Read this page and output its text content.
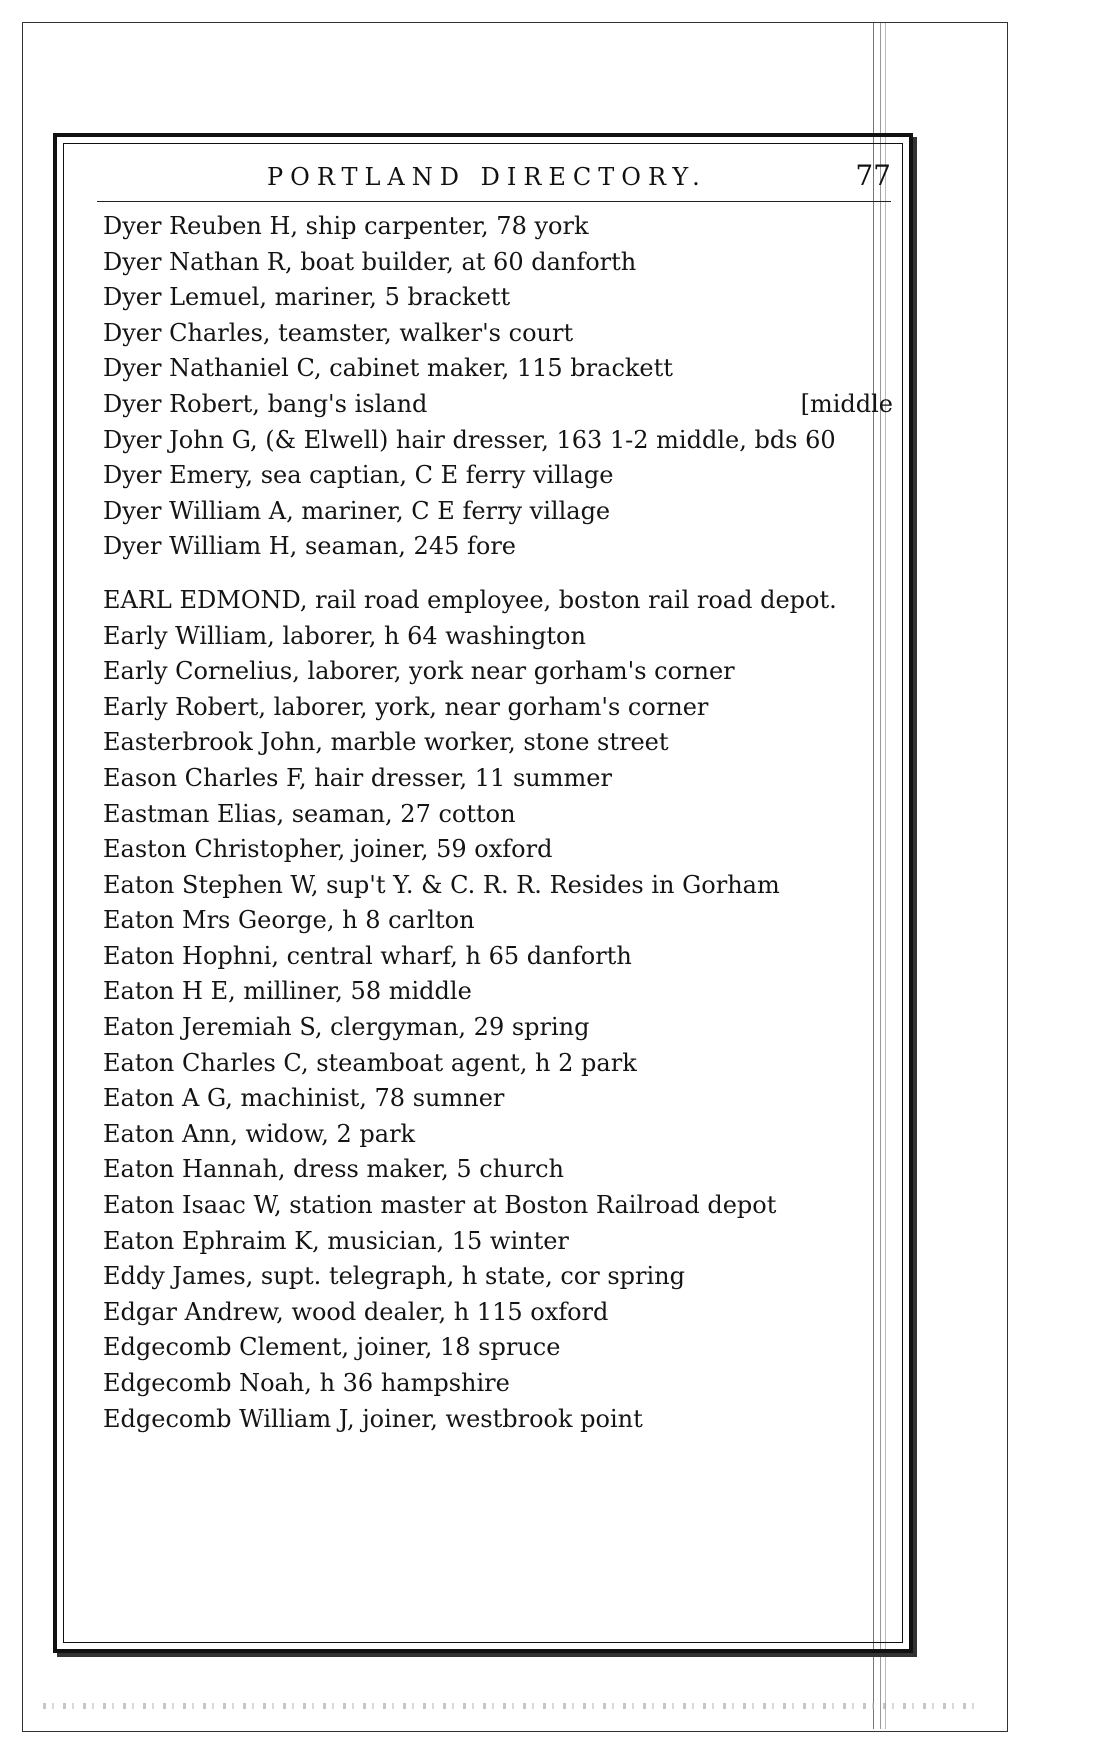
PORTLAND DIRECTORY.	77
Dyer Reuben H, ship carpenter, 78 york
Dyer Nathan R, boat builder, at 60 danforth
Dyer Lemuel, mariner, 5 brackett
Dyer Charles, teamster, walker's court
Dyer Nathaniel C, cabinet maker, 115 brackett
Dyer Robert, bang's island	[middle
Dyer John G, (& Elwell) hair dresser, 163 1-2 middle, bds 60
Dyer Emery, sea captian, C E ferry village
Dyer William A, mariner, C E ferry village
Dyer William H, seaman, 245 fore
EARL EDMOND, rail road employee, boston rail road depot.
Early William, laborer, h 64 washington
Early Cornelius, laborer, york near gorham's corner
Early Robert, laborer, york, near gorham's corner
Easterbrook John, marble worker, stone street
Eason Charles F, hair dresser, 11 summer
Eastman Elias, seaman, 27 cotton
Easton Christopher, joiner, 59 oxford
Eaton Stephen W, sup't Y. & C. R. R. Resides in Gorham
Eaton Mrs George, h 8 carlton
Eaton Hophni, central wharf, h 65 danforth
Eaton H E, milliner, 58 middle
Eaton Jeremiah S, clergyman, 29 spring
Eaton Charles C, steamboat agent, h 2 park
Eaton A G, machinist, 78 sumner
Eaton Ann, widow, 2 park
Eaton Hannah, dress maker, 5 church
Eaton Isaac W, station master at Boston Railroad depot
Eaton Ephraim K, musician, 15 winter
Eddy James, supt. telegraph, h state, cor spring
Edgar Andrew, wood dealer, h 115 oxford
Edgecomb Clement, joiner, 18 spruce
Edgecomb Noah, h 36 hampshire
Edgecomb William J, joiner, westbrook point
